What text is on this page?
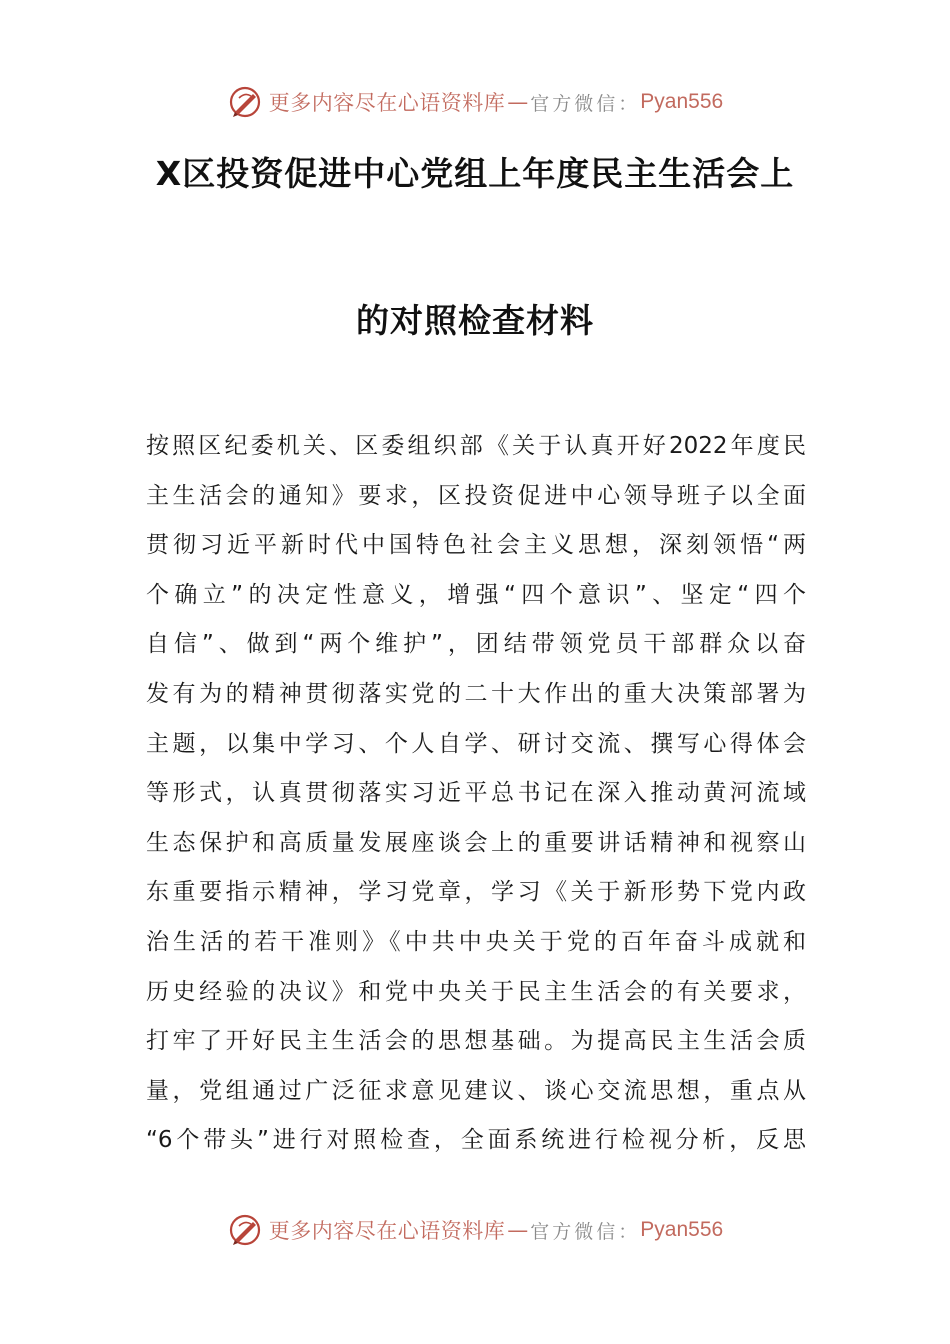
更多内容尽在心语资料库 — 官方微信： Pyan556
X区投资促进中心党组上年度民主生活会上
的对照检查材料
按照区纪委机关、区委组织部《关于认真开好2022年度民
主生活会的通知》要求，区投资促进中心领导班子以全面
贯彻习近平新时代中国特色社会主义思想，深刻领悟“两
个确立”的决定性意义，增强“四个意识”、坚定“四个
自信”、做到“两个维护”，团结带领党员干部群众以奋
发有为的精神贯彻落实党的二十大作出的重大决策部署为
主题，以集中学习、个人自学、研讨交流、撰写心得体会
等形式，认真贯彻落实习近平总书记在深入推动黄河流域
生态保护和高质量发展座谈会上的重要讲话精神和视察山
东重要指示精神，学习党章，学习《关于新形势下党内政
治生活的若干准则》《中共中央关于党的百年奋斗成就和
历史经验的决议》和党中央关于民主生活会的有关要求，
打牢了开好民主生活会的思想基础。为提高民主生活会质
量，党组通过广泛征求意见建议、谈心交流思想，重点从
“6个带头”进行对照检查，全面系统进行检视分析，反思
更多内容尽在心语资料库 — 官方微信： Pyan556
